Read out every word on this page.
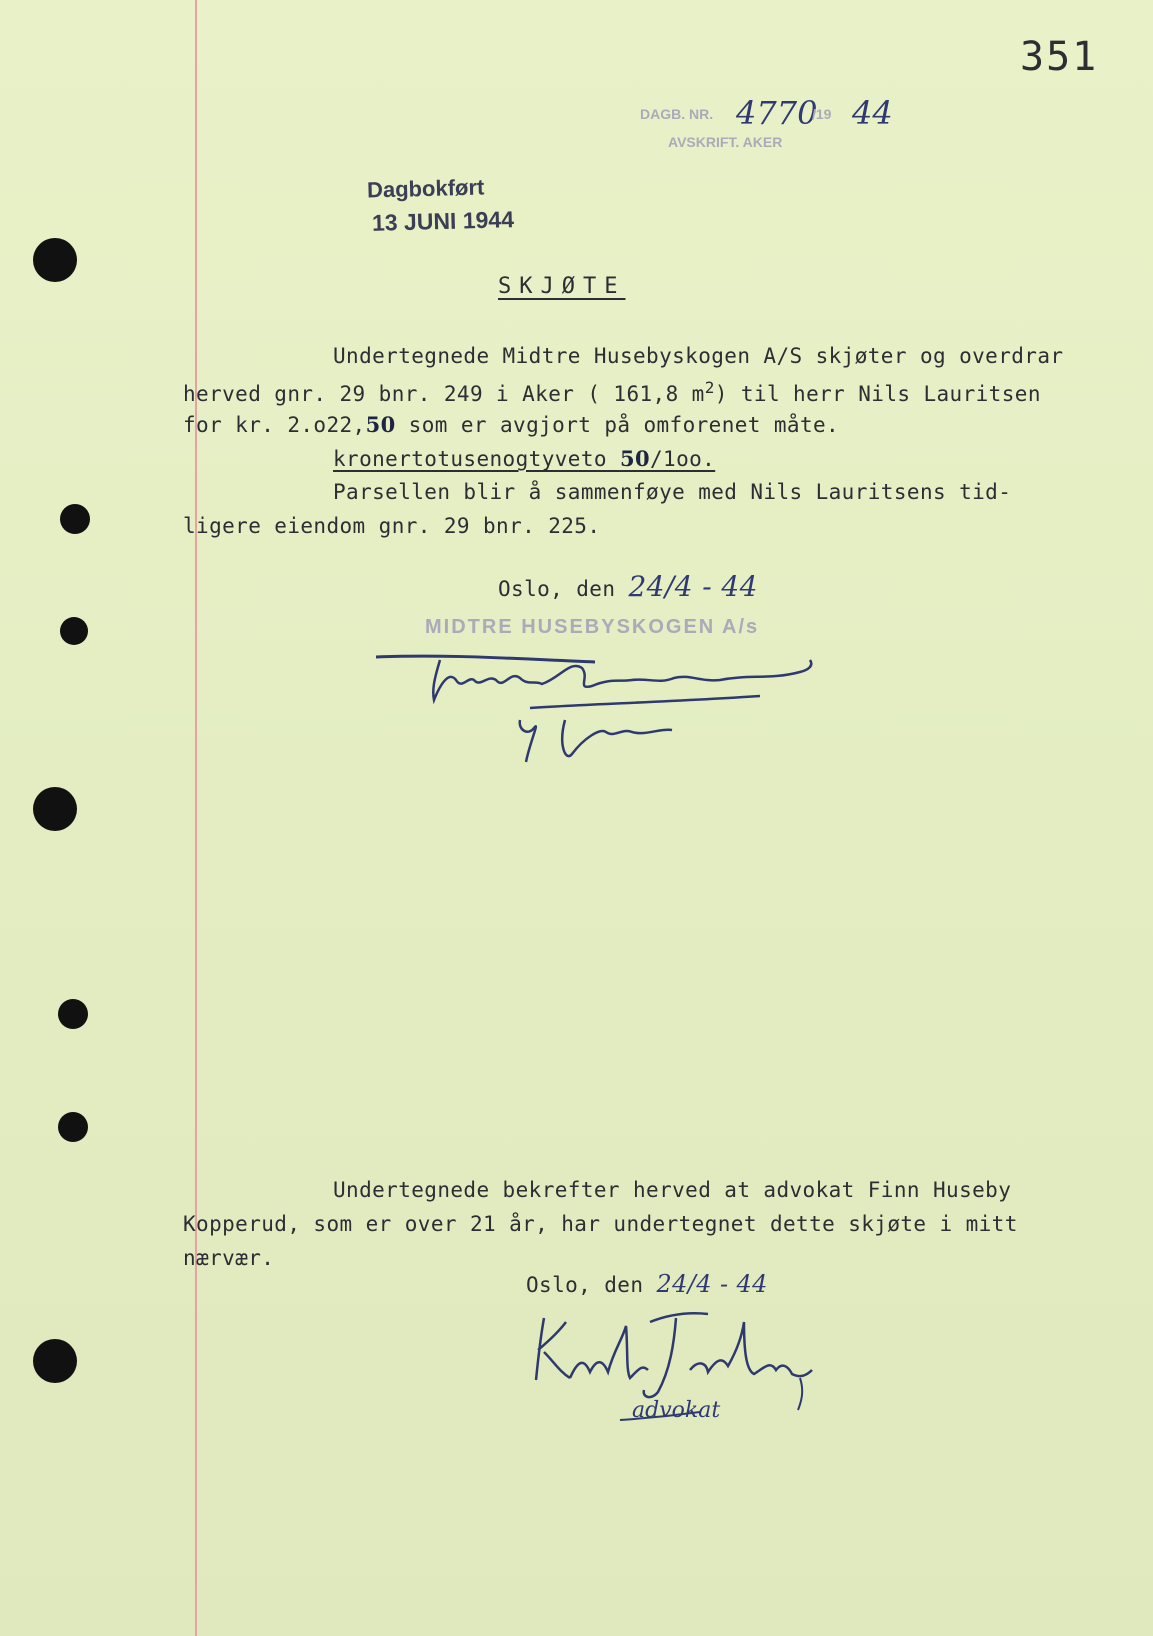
351
DAGB. NR. 4770
/19 44
AVSKRIFT. AKER
Dagbokført
13 JUNI 1944
SKJØTE
Undertegnede Midtre Husebyskogen A/S skjøter og overdrar
herved gnr. 29 bnr. 249 i Aker ( 161,8 $m^2$) til herr Nils Lauritsen
for kr. 2.o22,50 som er avgjort på omforenet måte.
kronertotusenogtyveto 50/1oo.
Parsellen blir å sammenføye med Nils Lauritsens tid-
ligere eiendom gnr. 29 bnr. 225.
Oslo, den 24/4 - 44
MIDTRE HUSEBYSKOGEN A/s
Undertegnede bekrefter herved at advokat Finn Huseby
Kopperud, som er over 21 år, har undertegnet dette skjøte i mitt
nærvær.
Oslo, den 24/4 - 44
advokat
